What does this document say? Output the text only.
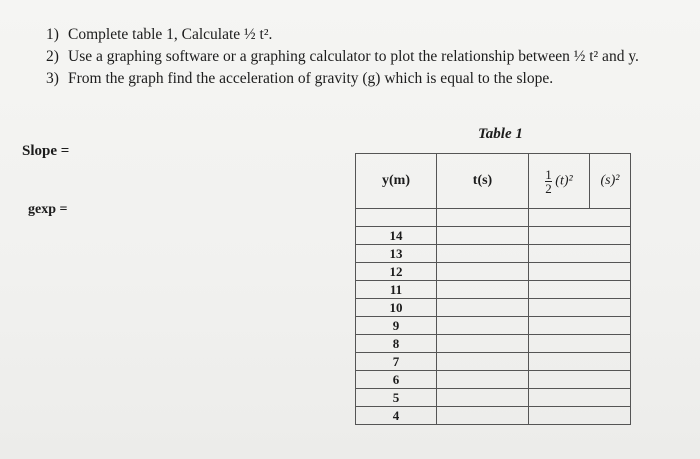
1) Complete table 1, Calculate ½ t².
2) Use a graphing software or a graphing calculator to plot the relationship between ½ t² and y.
3) From the graph find the acceleration of gravity (g) which is equal to the slope.
Slope =
gexp =
Table 1
y(m)	t(s)	$\frac{1}{2} (t)^2$	(s)²

14			
13			
12			
11			
10			
9			
8			
7			
6			
5			
4			
